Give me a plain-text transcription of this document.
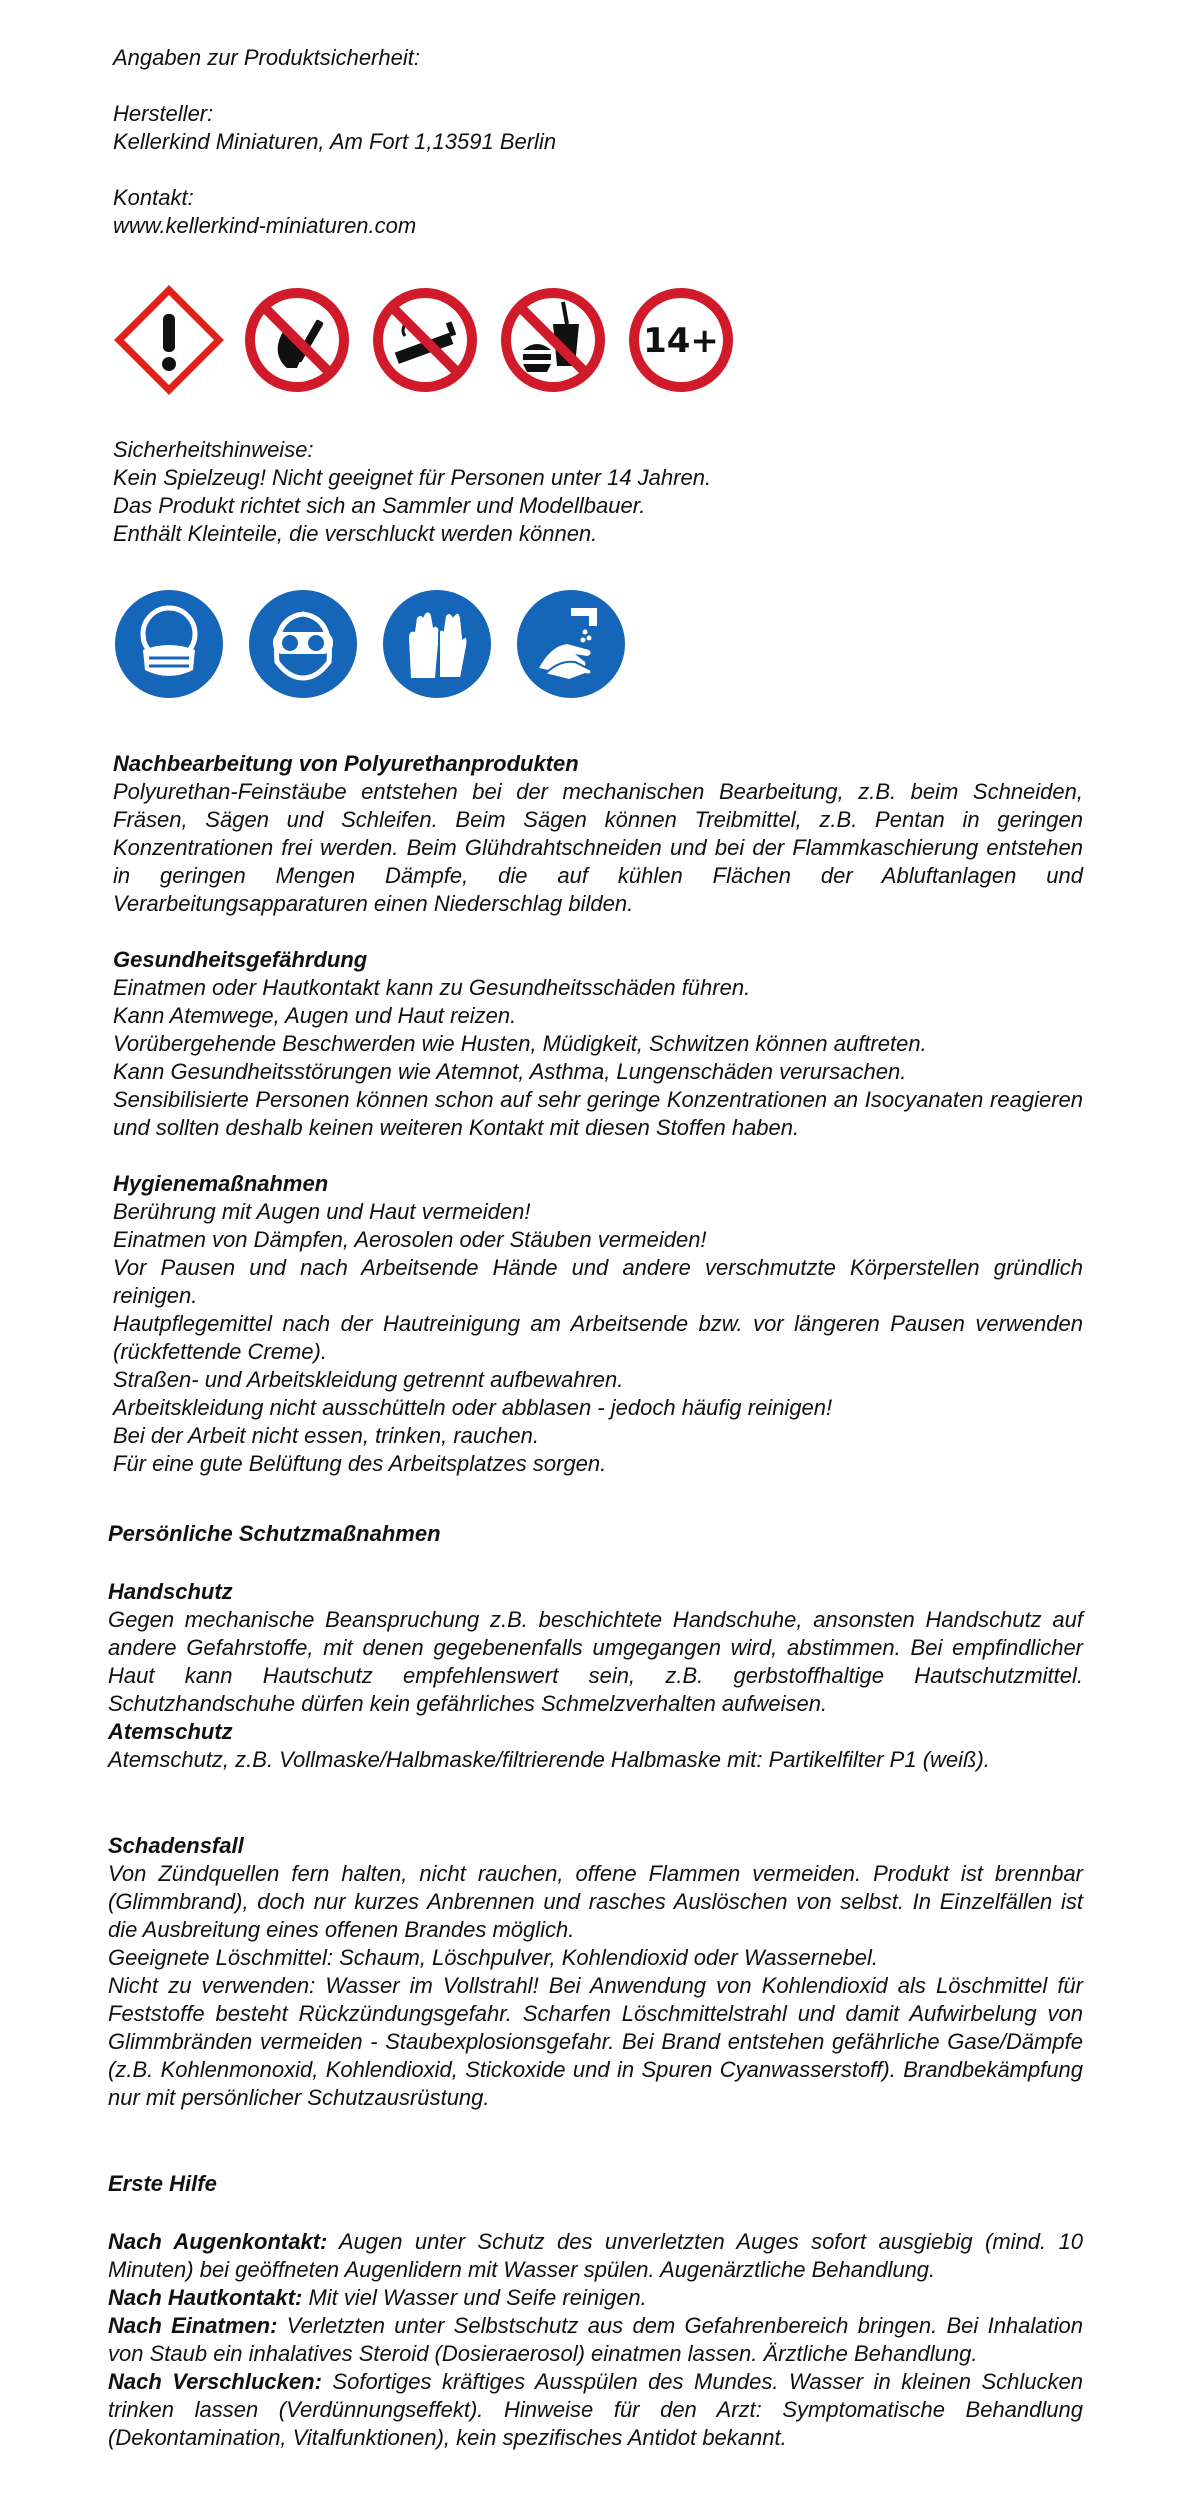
Angaben zur Produktsicherheit:

Hersteller:

Kellerkind Miniaturen, Am Fort 1,13591 Berlin

Kontakt:

www.kellerkind-miniaturen.com

14+

Sicherheitshinweise:

Kein Spielzeug! Nicht geeignet für Personen unter 14 Jahren.

Das Produkt richtet sich an Sammler und Modellbauer.

Enthält Kleinteile, die verschluckt werden können.

Nachbearbeitung von Polyurethanprodukten

Polyurethan-Feinstäube entstehen bei der mechanischen Bearbeitung, z.B. beim Schneiden, Fräsen, Sägen und Schleifen. Beim Sägen können Treibmittel, z.B. Pentan in geringen Konzentrationen frei werden. Beim Glühdrahtschneiden und bei der Flammkaschierung entstehen in geringen Mengen Dämpfe, die auf kühlen Flächen der Abluftanlagen und Verarbeitungsapparaturen einen Niederschlag bilden.

Gesundheitsgefährdung

Einatmen oder Hautkontakt kann zu Gesundheitsschäden führen.

Kann Atemwege, Augen und Haut reizen.

Vorübergehende Beschwerden wie Husten, Müdigkeit, Schwitzen können auftreten.

Kann Gesundheitsstörungen wie Atemnot, Asthma, Lungenschäden verursachen.

Sensibilisierte Personen können schon auf sehr geringe Konzentrationen an Isocyanaten reagieren und sollten deshalb keinen weiteren Kontakt mit diesen Stoffen haben.

Hygienemaßnahmen

Berührung mit Augen und Haut vermeiden!

Einatmen von Dämpfen, Aerosolen oder Stäuben vermeiden!

Vor Pausen und nach Arbeitsende Hände und andere verschmutzte Körperstellen gründlich reinigen.

Hautpflegemittel nach der Hautreinigung am Arbeitsende bzw. vor längeren Pausen verwenden (rückfettende Creme).

Straßen- und Arbeitskleidung getrennt aufbewahren.

Arbeitskleidung nicht ausschütteln oder abblasen - jedoch häufig reinigen!

Bei der Arbeit nicht essen, trinken, rauchen.

Für eine gute Belüftung des Arbeitsplatzes sorgen.

Persönliche Schutzmaßnahmen

Handschutz

Gegen mechanische Beanspruchung z.B. beschichtete Handschuhe, ansonsten Handschutz auf andere Gefahrstoffe, mit denen gegebenenfalls umgegangen wird, abstimmen. Bei empfindlicher Haut kann Hautschutz empfehlenswert sein, z.B. gerbstoffhaltige Hautschutzmittel. Schutzhandschuhe dürfen kein gefährliches Schmelzverhalten aufweisen.

Atemschutz

Atemschutz, z.B. Vollmaske/Halbmaske/filtrierende Halbmaske mit: Partikelfilter P1 (weiß).

Schadensfall

Von Zündquellen fern halten, nicht rauchen, offene Flammen vermeiden. Produkt ist brennbar (Glimmbrand), doch nur kurzes Anbrennen und rasches Auslöschen von selbst. In Einzelfällen ist die Ausbreitung eines offenen Brandes möglich.

Geeignete Löschmittel: Schaum, Löschpulver, Kohlendioxid oder Wassernebel.

Nicht zu verwenden: Wasser im Vollstrahl! Bei Anwendung von Kohlendioxid als Löschmittel für Feststoffe besteht Rückzündungsgefahr. Scharfen Löschmittelstrahl und damit Aufwirbelung von Glimmbränden vermeiden - Staubexplosionsgefahr. Bei Brand entstehen gefährliche Gase/Dämpfe (z.B. Kohlenmonoxid, Kohlendioxid, Stickoxide und in Spuren Cyanwasserstoff). Brandbekämpfung nur mit persönlicher Schutzausrüstung.

Erste Hilfe

Nach Augenkontakt: Augen unter Schutz des unverletzten Auges sofort ausgiebig (mind. 10 Minuten) bei geöffneten Augenlidern mit Wasser spülen. Augenärztliche Behandlung.

Nach Hautkontakt: Mit viel Wasser und Seife reinigen.

Nach Einatmen: Verletzten unter Selbstschutz aus dem Gefahrenbereich bringen. Bei Inhalation von Staub ein inhalatives Steroid (Dosieraerosol) einatmen lassen. Ärztliche Behandlung.

Nach Verschlucken: Sofortiges kräftiges Ausspülen des Mundes. Wasser in kleinen Schlucken trinken lassen (Verdünnungseffekt). Hinweise für den Arzt: Symptomatische Behandlung (Dekontamination, Vitalfunktionen), kein spezifisches Antidot bekannt.
